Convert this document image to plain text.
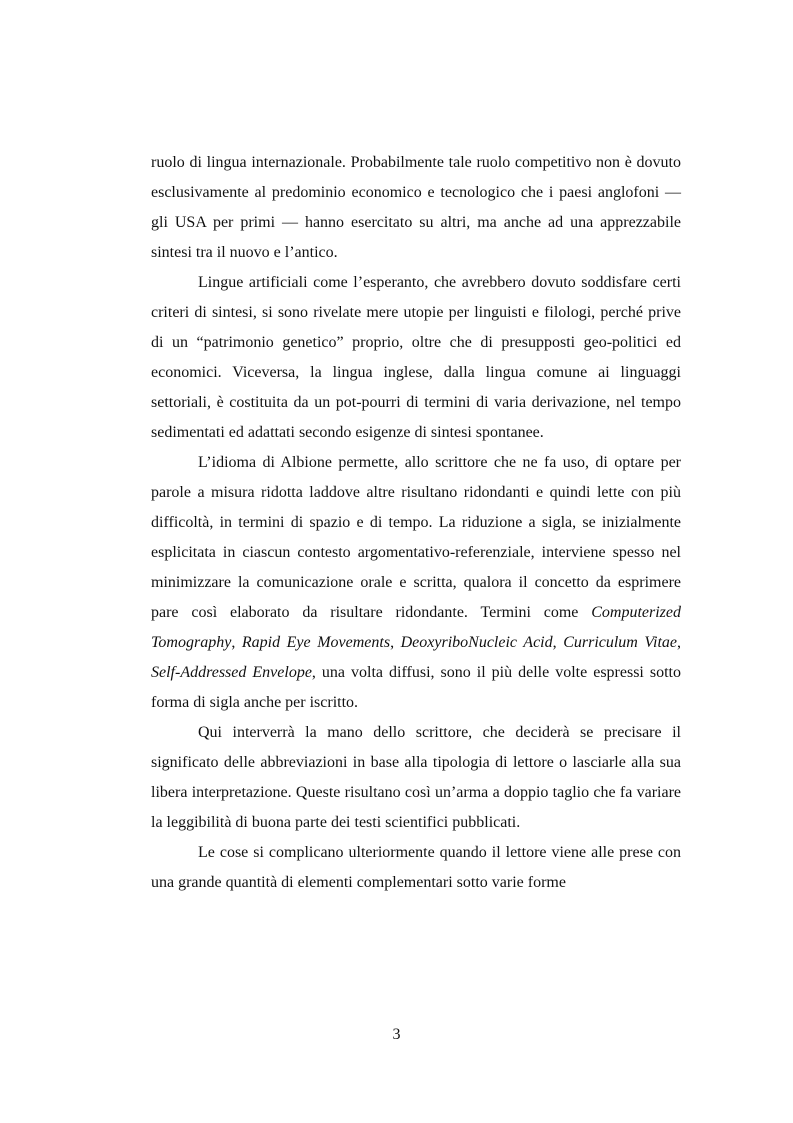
ruolo di lingua internazionale. Probabilmente tale ruolo competitivo non è dovuto esclusivamente al predominio economico e tecnologico che i paesi anglofoni — gli USA per primi — hanno esercitato su altri, ma anche ad una apprezzabile sintesi tra il nuovo e l’antico.

Lingue artificiali come l’esperanto, che avrebbero dovuto soddisfare certi criteri di sintesi, si sono rivelate mere utopie per linguisti e filologi, perché prive di un “patrimonio genetico” proprio, oltre che di presupposti geo-politici ed economici. Viceversa, la lingua inglese, dalla lingua comune ai linguaggi settoriali, è costituita da un pot-pourri di termini di varia derivazione, nel tempo sedimentati ed adattati secondo esigenze di sintesi spontanee.

L’idioma di Albione permette, allo scrittore che ne fa uso, di optare per parole a misura ridotta laddove altre risultano ridondanti e quindi lette con più difficoltà, in termini di spazio e di tempo. La riduzione a sigla, se inizialmente esplicitata in ciascun contesto argomentativo-referenziale, interviene spesso nel minimizzare la comunicazione orale e scritta, qualora il concetto da esprimere pare così elaborato da risultare ridondante. Termini come Computerized Tomography, Rapid Eye Movements, DeoxyriboNucleic Acid, Curriculum Vitae, Self-Addressed Envelope, una volta diffusi, sono il più delle volte espressi sotto forma di sigla anche per iscritto.

Qui interverrà la mano dello scrittore, che deciderà se precisare il significato delle abbreviazioni in base alla tipologia di lettore o lasciarle alla sua libera interpretazione. Queste risultano così un’arma a doppio taglio che fa variare la leggibilità di buona parte dei testi scientifici pubblicati.

Le cose si complicano ulteriormente quando il lettore viene alle prese con una grande quantità di elementi complementari sotto varie forme

3
